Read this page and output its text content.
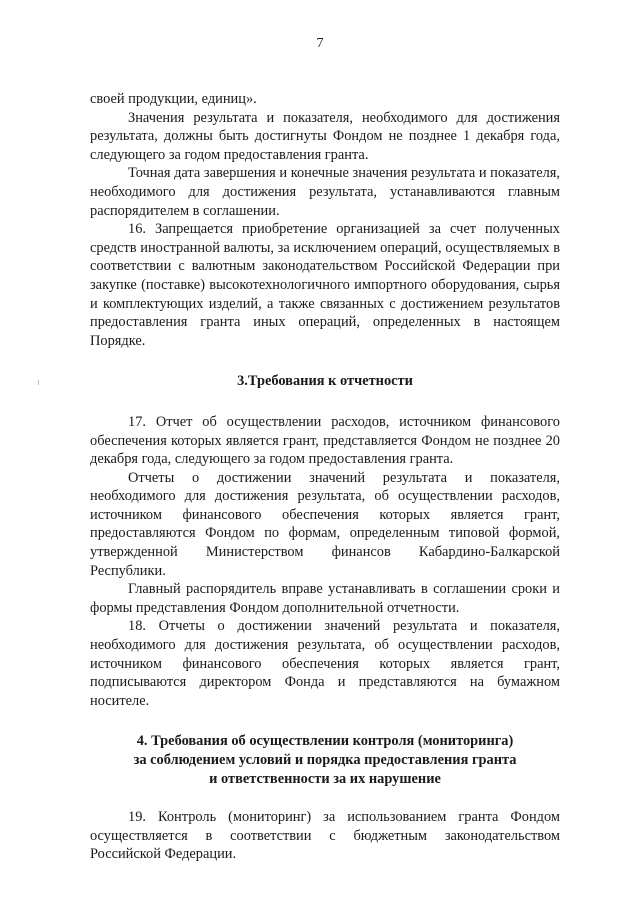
7

своей продукции, единиц».

Значения результата и показателя, необходимого для достижения результата, должны быть достигнуты Фондом не позднее 1 декабря года, следующего за годом предоставления гранта.

Точная дата завершения и конечные значения результата и показателя, необходимого для достижения результата, устанавливаются главным распорядителем в соглашении.

16. Запрещается приобретение организацией за счет полученных средств иностранной валюты, за исключением операций, осуществляемых в соответствии с валютным законодательством Российской Федерации при закупке (поставке) высокотехнологичного импортного оборудования, сырья и комплектующих изделий, а также связанных с достижением результатов предоставления гранта иных операций, определенных в настоящем Порядке.

3.Требования к отчетности

17. Отчет об осуществлении расходов, источником финансового обеспечения которых является грант, представляется Фондом не позднее 20 декабря года, следующего за годом предоставления гранта.

Отчеты о достижении значений результата и показателя, необходимого для достижения результата, об осуществлении расходов, источником финансового обеспечения которых является грант, предоставляются Фондом по формам, определенным типовой формой, утвержденной Министерством финансов Кабардино-Балкарской Республики.

Главный распорядитель вправе устанавливать в соглашении сроки и формы представления Фондом дополнительной отчетности.

18. Отчеты о достижении значений результата и показателя, необходимого для достижения результата, об осуществлении расходов, источником финансового обеспечения которых является грант, подписываются директором Фонда и представляются на бумажном носителе.

4. Требования об осуществлении контроля (мониторинга)

за соблюдением условий и порядка предоставления гранта

и ответственности за их нарушение

19. Контроль (мониторинг) за использованием гранта Фондом осуществляется в соответствии с бюджетным законодательством Российской Федерации.
